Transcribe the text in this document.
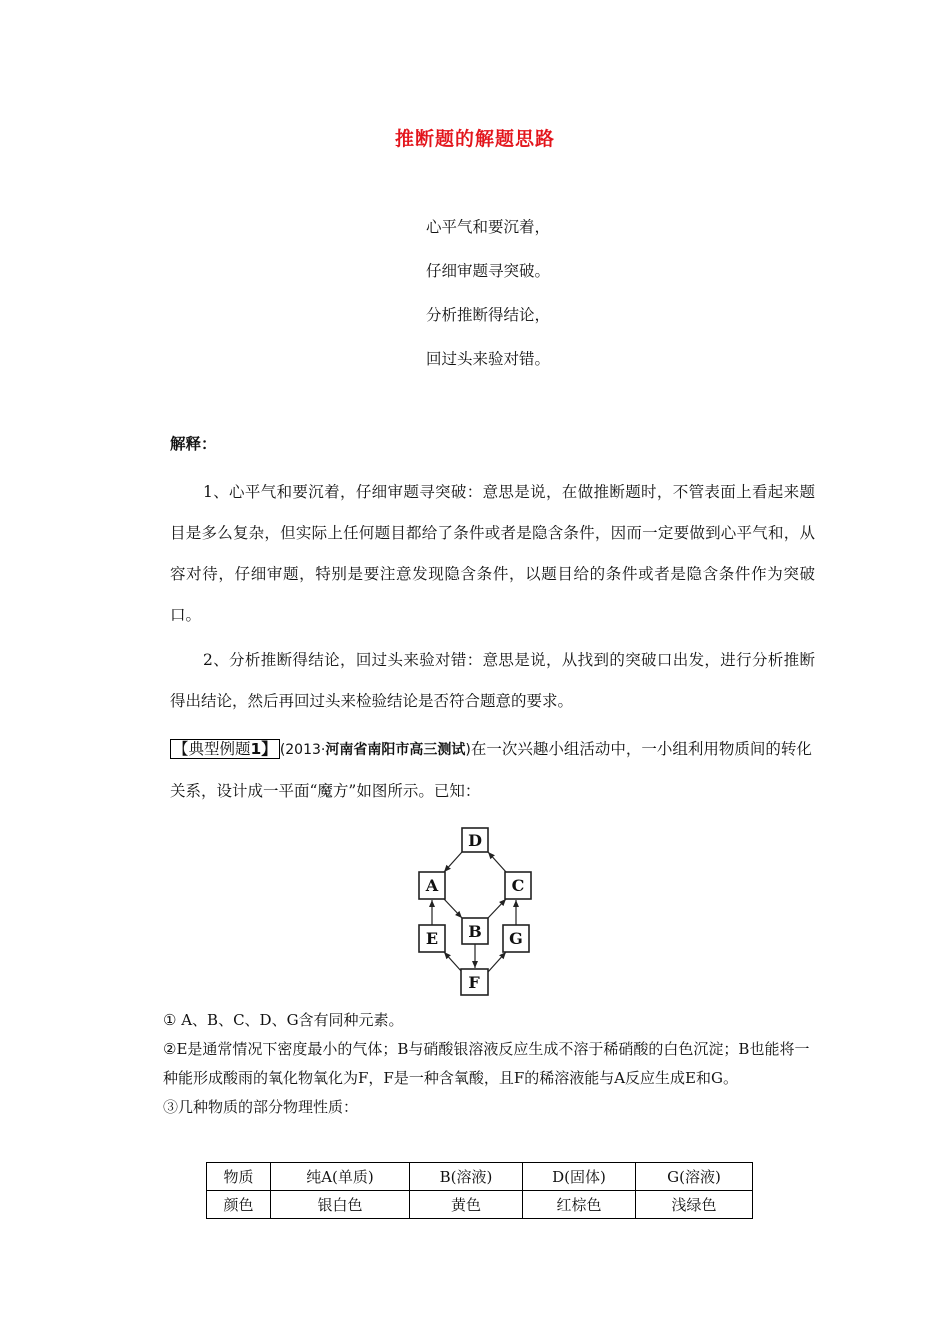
推断题的解题思路
心平气和要沉着，
仔细审题寻突破。
分析推断得结论，
回过头来验对错。
解释：
1、心平气和要沉着，仔细审题寻突破：意思是说，在做推断题时，不管表面上看起来题目是多么复杂，但实际上任何题目都给了条件或者是隐含条件，因而一定要做到心平气和，从容对待，仔细审题，特别是要注意发现隐含条件，以题目给的条件或者是隐含条件作为突破口。
2、分析推断得结论，回过头来验对错：意思是说，从找到的突破口出发，进行分析推断得出结论，然后再回过头来检验结论是否符合题意的要求。
【典型例题1】 (2013·河南省南阳市高三测试)在一次兴趣小组活动中，一小组利用物质间的转化关系，设计成一平面“魔方”如图所示。已知：
D
A	C
B
E	G
F
① A、B、C、D、G含有同种元素。
②E是通常情况下密度最小的气体；B与硝酸银溶液反应生成不溶于稀硝酸的白色沉淀；B也能将一种能形成酸雨的氧化物氧化为F，F是一种含氧酸，且F的稀溶液能与A反应生成E和G。
③几种物质的部分物理性质：
物质	纯A(单质)	B(溶液)	D(固体)	G(溶液)
颜色	银白色	黄色	红棕色	浅绿色
